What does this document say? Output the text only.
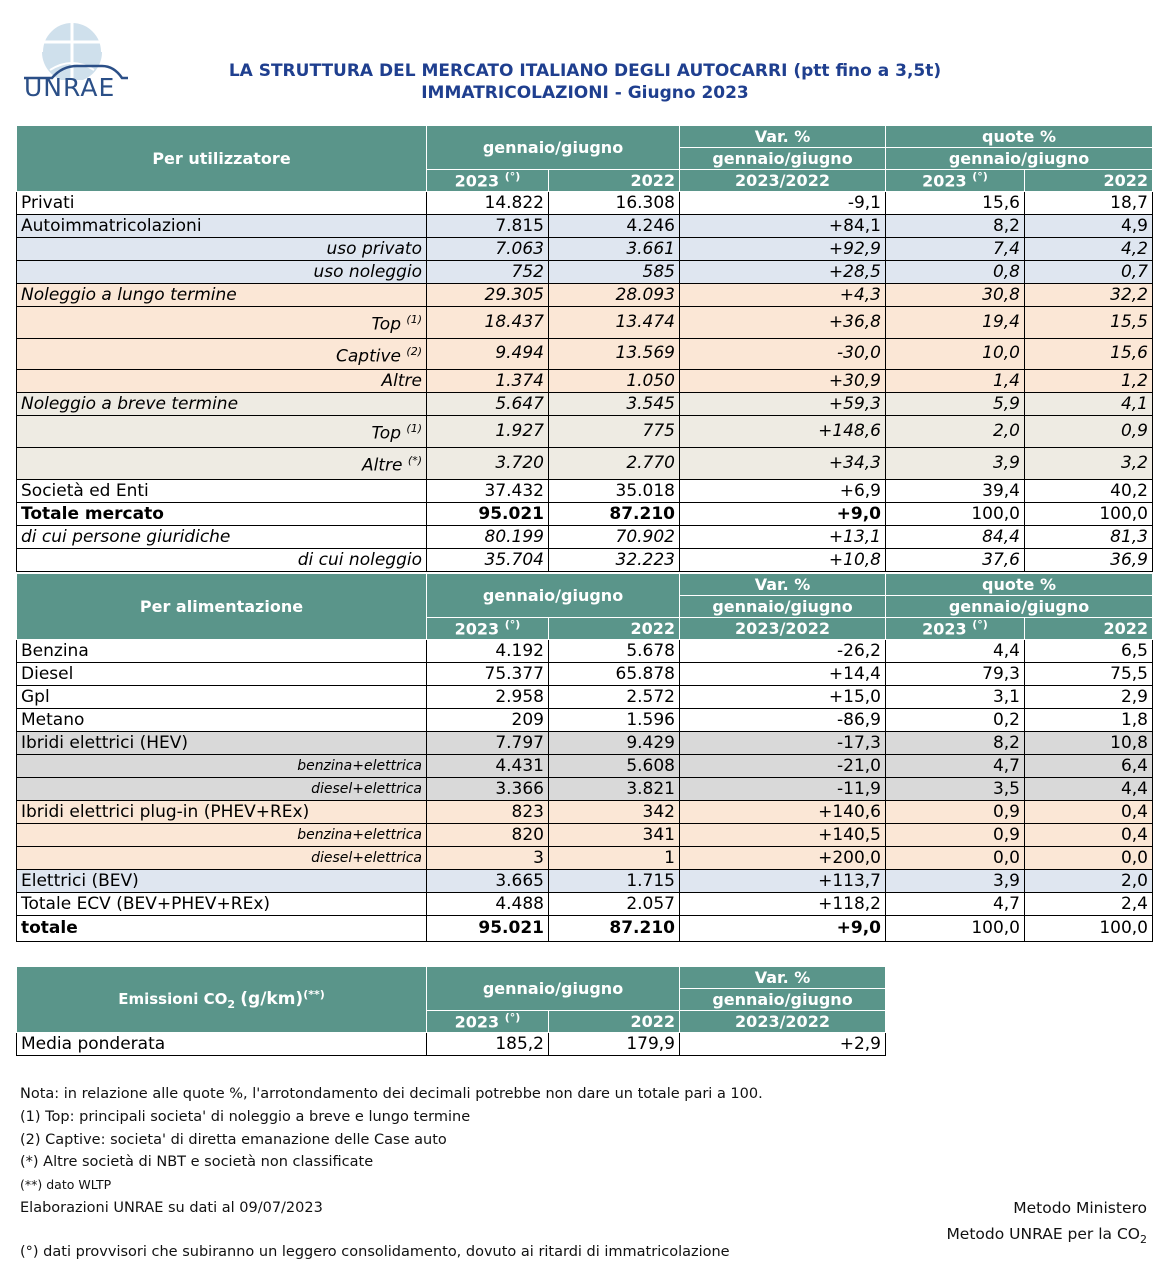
UNRAE
LA STRUTTURA DEL MERCATO ITALIANO DEGLI AUTOCARRI (ptt fino a 3,5t)
IMMATRICOLAZIONI - Giugno 2023
Per utilizzatore	gennaio/giugno		Var. %	quote %	
			gennaio/giugno	gennaio/giugno	
	2023 (°)	2022	2023/2022	2023 (°)	2022
Privati	14.822	16.308	-9,1	15,6	18,7
Autoimmatricolazioni	7.815	4.246	+84,1	8,2	4,9
uso privato	7.063	3.661	+92,9	7,4	4,2
uso noleggio	752	585	+28,5	0,8	0,7
Noleggio a lungo termine	29.305	28.093	+4,3	30,8	32,2
Top $^{(1)}$	18.437	13.474	+36,8	19,4	15,5
Captive $^{(2)}$	9.494	13.569	-30,0	10,0	15,6
Altre	1.374	1.050	+30,9	1,4	1,2
Noleggio a breve termine	5.647	3.545	+59,3	5,9	4,1
Top $^{(1)}$	1.927	775	+148,6	2,0	0,9
Altre (*)	3.720	2.770	+34,3	3,9	3,2
Società ed Enti	37.432	35.018	+6,9	39,4	40,2
Totale mercato	95.021	87.210	+9,0	100,0	100,0
di cui persone giuridiche	80.199	70.902	+13,1	84,4	81,3
di cui noleggio	35.704	32.223	+10,8	37,6	36,9
Per alimentazione	gennaio/giugno		Var. %	quote %	
			gennaio/giugno	gennaio/giugno	
	2023 (°)	2022	2023/2022	2023 (°)	2022
Benzina	4.192	5.678	-26,2	4,4	6,5
Diesel	75.377	65.878	+14,4	79,3	75,5
Gpl	2.958	2.572	+15,0	3,1	2,9
Metano	209	1.596	-86,9	0,2	1,8
Ibridi elettrici (HEV)	7.797	9.429	-17,3	8,2	10,8
benzina+elettrica	4.431	5.608	-21,0	4,7	6,4
diesel+elettrica	3.366	3.821	-11,9	3,5	4,4
Ibridi elettrici plug-in (PHEV+REx)	823	342	+140,6	0,9	0,4
benzina+elettrica	820	341	+140,5	0,9	0,4
diesel+elettrica	3	1	+200,0	0,0	0,0
Elettrici (BEV)	3.665	1.715	+113,7	3,9	2,0
Totale ECV (BEV+PHEV+REx)	4.488	2.057	+118,2	4,7	2,4
totale	95.021	87.210	+9,0	100,0	100,0
Emissioni $CO_2$ (g/km)(**)	gennaio/giugno		Var. %
			gennaio/giugno
	2023 (°)	2022	2023/2022
Media ponderata	185,2	179,9	+2,9
Nota: in relazione alle quote %, l'arrotondamento dei decimali potrebbe non dare un totale pari a 100.
(1) Top: principali societa' di noleggio a breve e lungo termine
(2) Captive: societa' di diretta emanazione delle Case auto
(*) Altre società di NBT e società non classificate
(**) dato WLTP
Elaborazioni UNRAE su dati al 09/07/2023	Metodo Ministero
Metodo UNRAE per la $CO_2$
(°) dati provvisori che subiranno un leggero consolidamento, dovuto ai ritardi di immatricolazione
